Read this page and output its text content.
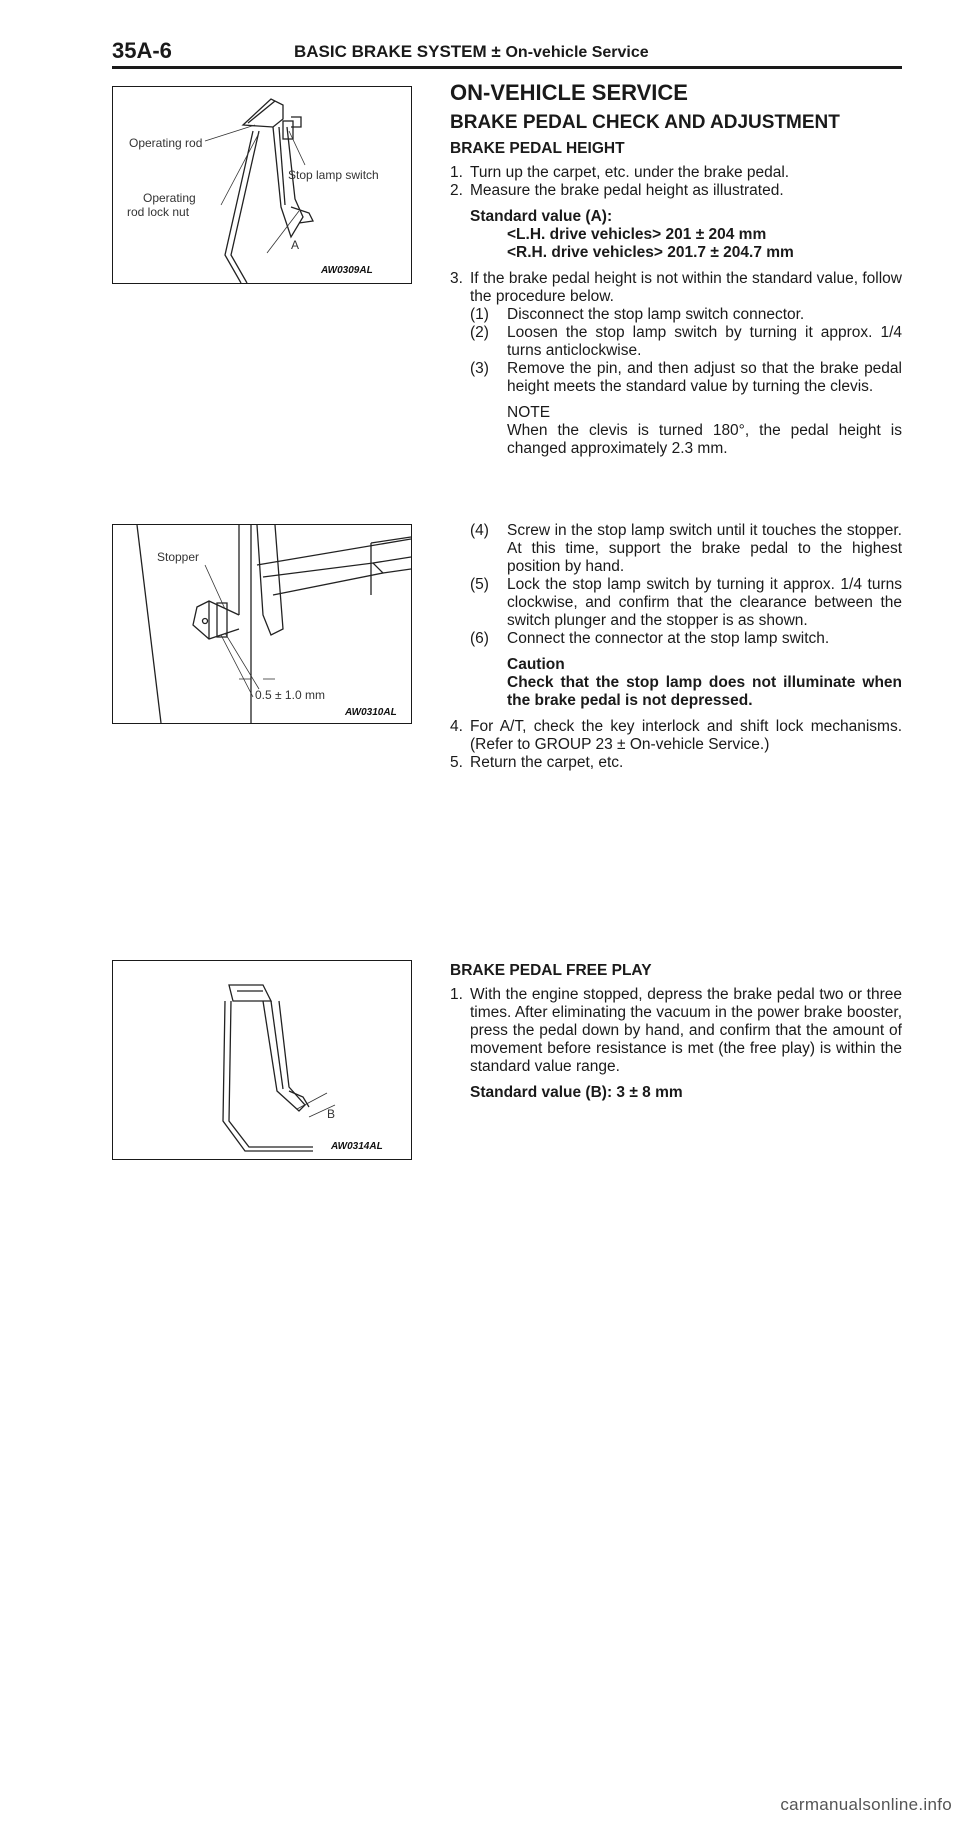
35A-6	BASIC BRAKE SYSTEM ± On-vehicle Service
Operating rod
Stop lamp switch
Operating
rod lock nut
A
AW0309AL
Stopper
0.5 ± 1.0 mm
AW0310AL
B
AW0314AL

ON-VEHICLE SERVICE

BRAKE PEDAL CHECK AND ADJUSTMENT

BRAKE PEDAL HEIGHT

1. Turn up the carpet, etc. under the brake pedal.
2. Measure the brake pedal height as illustrated.

Standard value (A):

<L.H. drive vehicles> 201 ± 204 mm

<R.H. drive vehicles> 201.7 ± 204.7 mm

3. If the brake pedal height is not within the standard value, follow the procedure below.
(1) Disconnect the stop lamp switch connector.
(2) Loosen the stop lamp switch by turning it approx. 1/4 turns anticlockwise.
(3) Remove the pin, and then adjust so that the brake pedal height meets the standard value by turning the clevis.

NOTE

When the clevis is turned 180°, the pedal height is changed approximately 2.3 mm.

(4) Screw in the stop lamp switch until it touches the stopper. At this time, support the brake pedal to the highest position by hand.
(5) Lock the stop lamp switch by turning it approx. 1/4 turns clockwise, and confirm that the clearance between the switch plunger and the stopper is as shown.
(6) Connect the connector at the stop lamp switch.

Caution

Check that the stop lamp does not illuminate when the brake pedal is not depressed.

4. For A/T, check the key interlock and shift lock mechanisms. (Refer to GROUP 23 ± On-vehicle Service.)
5. Return the carpet, etc.

BRAKE PEDAL FREE PLAY

1. With the engine stopped, depress the brake pedal two or three times. After eliminating the vacuum in the power brake booster, press the pedal down by hand, and confirm that the amount of movement before resistance is met (the free play) is within the standard value range.

Standard value (B): 3 ± 8 mm

carmanualsonline.info
